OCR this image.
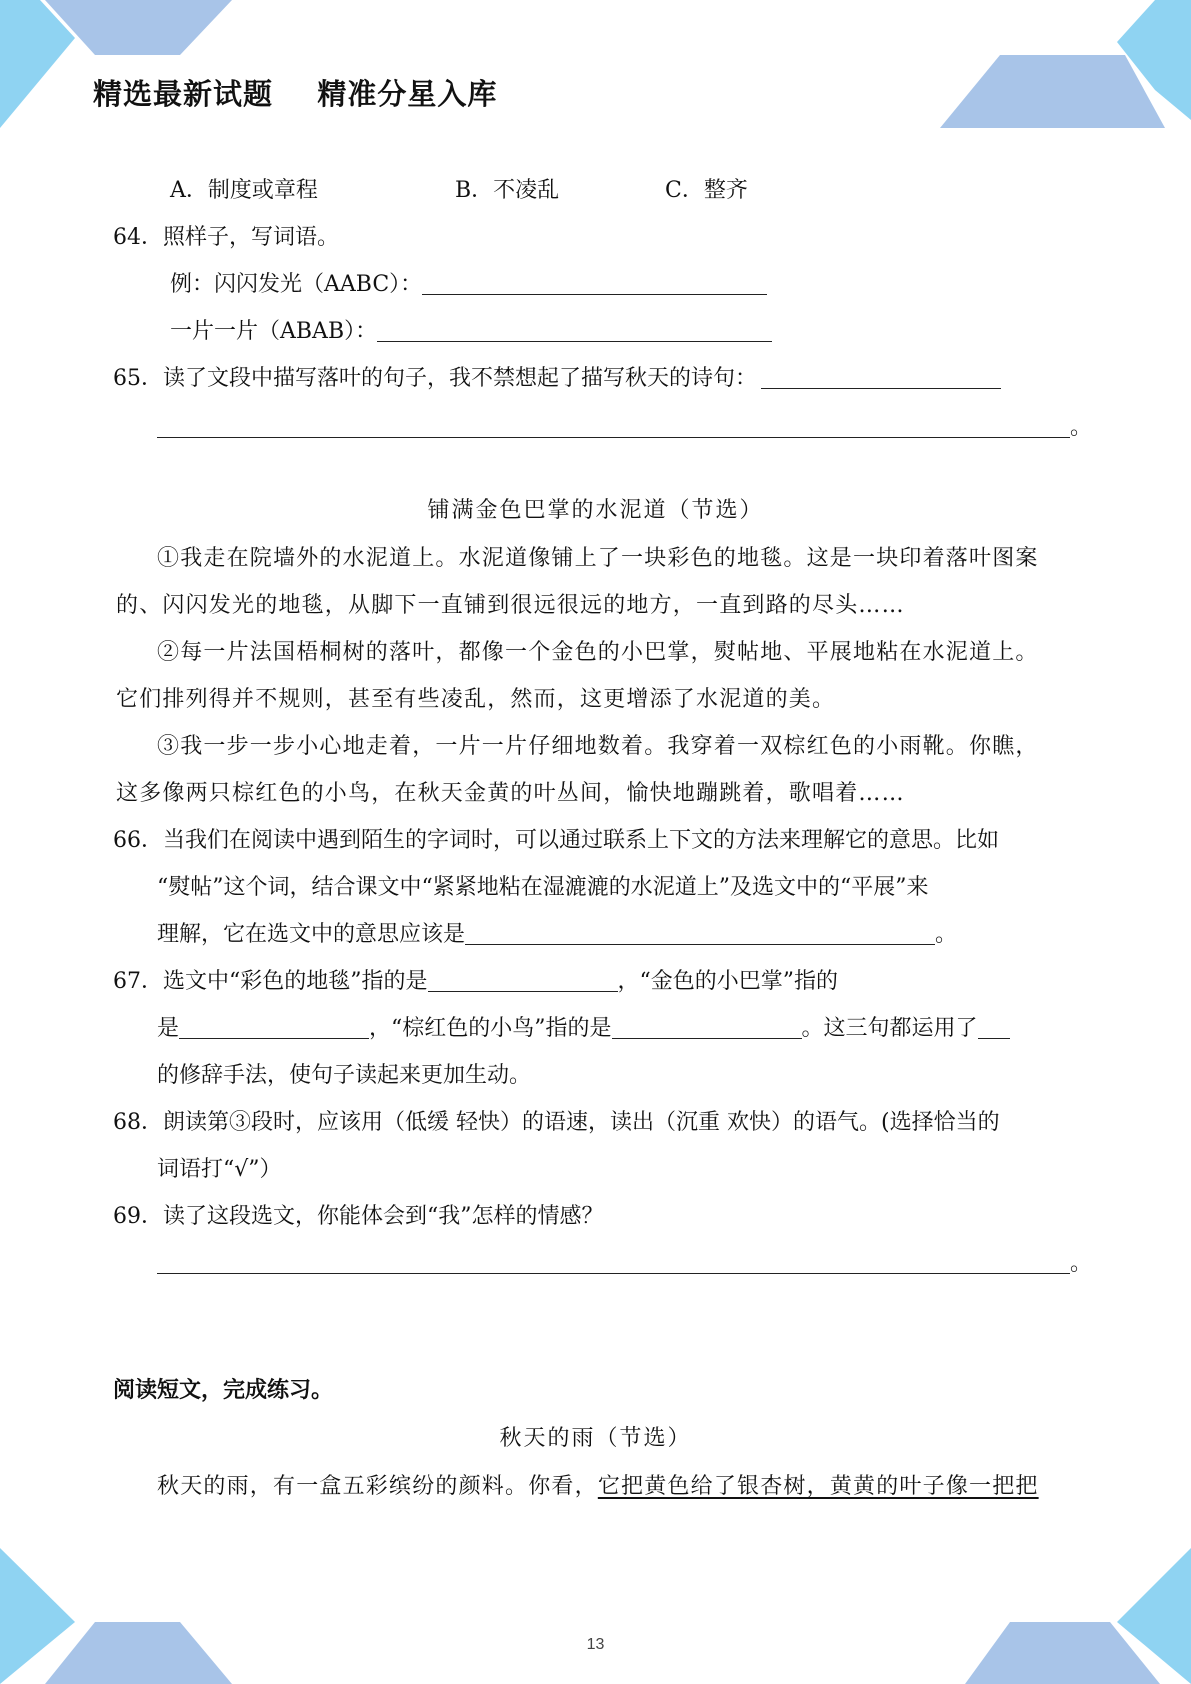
精选最新试题    精准分星入库
A．制度或章程	B．不凌乱	C．整齐
64．照样子，写词语。
例：闪闪发光（AABC）：
一片一片（ABAB）：
65．读了文段中描写落叶的句子，我不禁想起了描写秋天的诗句：
。
铺满金色巴掌的水泥道（节选）
①我走在院墙外的水泥道上。水泥道像铺上了一块彩色的地毯。这是一块印着落叶图案
的、闪闪发光的地毯，从脚下一直铺到很远很远的地方，一直到路的尽头……
②每一片法国梧桐树的落叶，都像一个金色的小巴掌，熨帖地、平展地粘在水泥道上。
它们排列得并不规则，甚至有些凌乱，然而，这更增添了水泥道的美。
③我一步一步小心地走着，一片一片仔细地数着。我穿着一双棕红色的小雨靴。你瞧，
这多像两只棕红色的小鸟，在秋天金黄的叶丛间，愉快地蹦跳着，歌唱着……
66．当我们在阅读中遇到陌生的字词时，可以通过联系上下文的方法来理解它的意思。比如
“熨帖”这个词，结合课文中“紧紧地粘在湿漉漉的水泥道上”及选文中的“平展”来
理解，它在选文中的意思应该是	。
67．选文中“彩色的地毯”指的是	，“金色的小巴掌”指的
是	，“棕红色的小鸟”指的是	。这三句都运用了
的修辞手法，使句子读起来更加生动。
68．朗读第③段时，应该用（低缓 轻快）的语速，读出（沉重 欢快）的语气。(选择恰当的
词语打“√”）
69．读了这段选文，你能体会到“我”怎样的情感？
。
阅读短文，完成练习。
秋天的雨（节选）
秋天的雨，有一盒五彩缤纷的颜料。你看，它把黄色给了银杏树，黄黄的叶子像一把把
13
